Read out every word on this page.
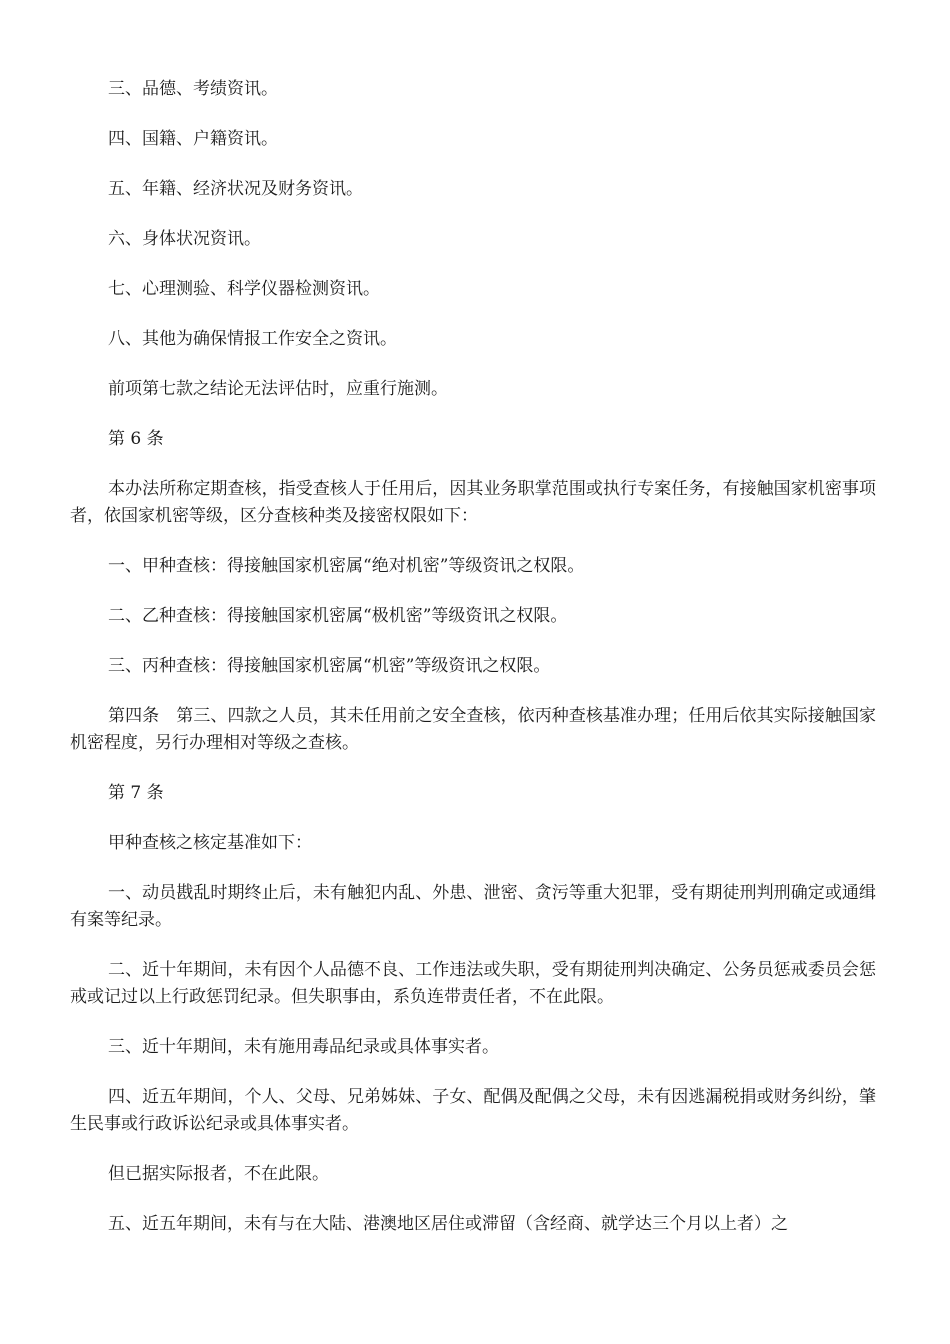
三、品德、考绩资讯。

四、国籍、户籍资讯。

五、年籍、经济状况及财务资讯。

六、身体状况资讯。

七、心理测验、科学仪器检测资讯。

八、其他为确保情报工作安全之资讯。

前项第七款之结论无法评估时，应重行施测。

第 6 条

本办法所称定期查核，指受查核人于任用后，因其业务职掌范围或执行专案任务，有接触国家机密事项者，依国家机密等级，区分查核种类及接密权限如下：

一、甲种查核：得接触国家机密属“绝对机密”等级资讯之权限。

二、乙种查核：得接触国家机密属“极机密”等级资讯之权限。

三、丙种查核：得接触国家机密属“机密”等级资讯之权限。

第四条　第三、四款之人员，其未任用前之安全查核，依丙种查核基准办理；任用后依其实际接触国家机密程度，另行办理相对等级之查核。

第 7 条

甲种查核之核定基准如下：

一、动员戡乱时期终止后，未有触犯内乱、外患、泄密、贪污等重大犯罪，受有期徒刑判刑确定或通缉有案等纪录。

二、近十年期间，未有因个人品德不良、工作违法或失职，受有期徒刑判决确定、公务员惩戒委员会惩戒或记过以上行政惩罚纪录。但失职事由，系负连带责任者，不在此限。

三、近十年期间，未有施用毒品纪录或具体事实者。

四、近五年期间，个人、父母、兄弟姊妹、子女、配偶及配偶之父母，未有因逃漏税捐或财务纠纷，肇生民事或行政诉讼纪录或具体事实者。

但已据实际报者，不在此限。

五、近五年期间，未有与在大陆、港澳地区居住或滞留（含经商、就学达三个月以上者）之
